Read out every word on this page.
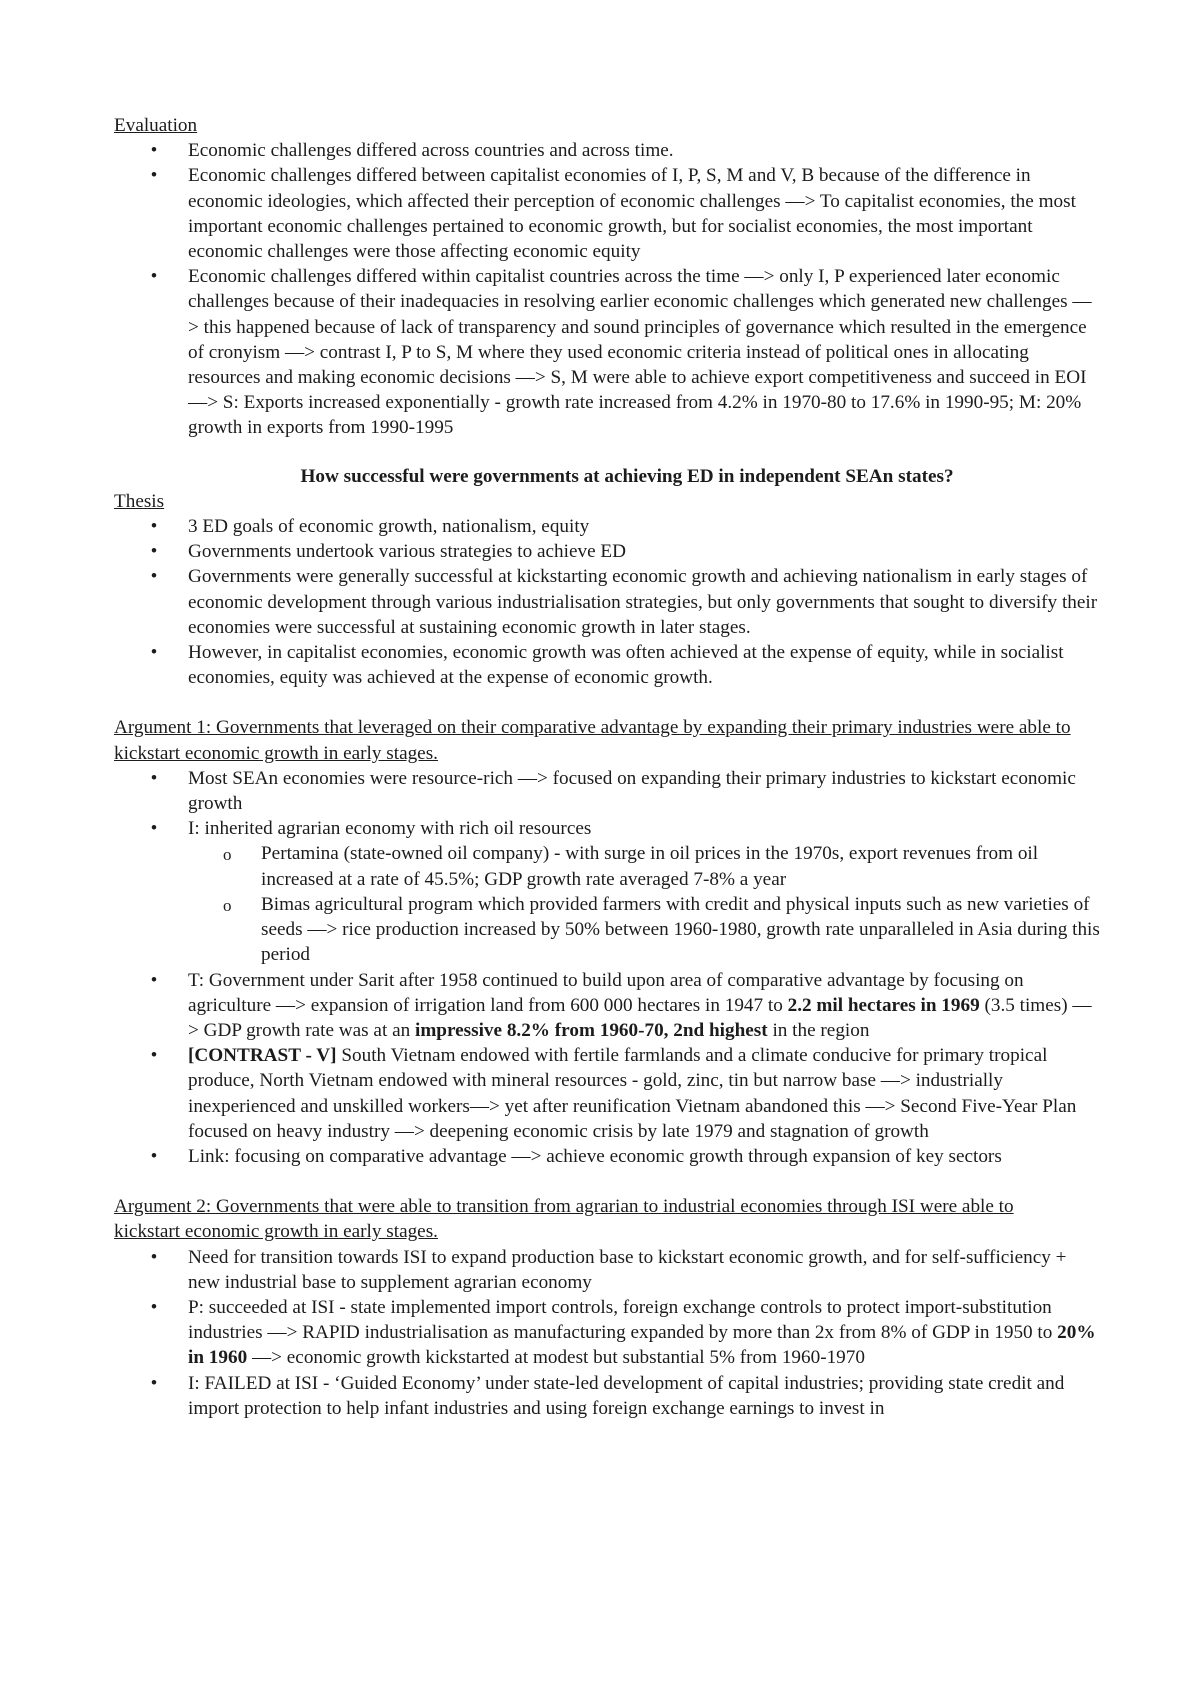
Evaluation

• Economic challenges differed across countries and across time.
• Economic challenges differed between capitalist economies of I, P, S, M and V, B because of the difference in economic ideologies, which affected their perception of economic challenges —> To capitalist economies, the most important economic challenges pertained to economic growth, but for socialist economies, the most important economic challenges were those affecting economic equity
• Economic challenges differed within capitalist countries across the time —> only I, P experienced later economic challenges because of their inadequacies in resolving earlier economic challenges which generated new challenges —> this happened because of lack of transparency and sound principles of governance which resulted in the emergence of cronyism —> contrast I, P to S, M where they used economic criteria instead of political ones in allocating resources and making economic decisions —> S, M were able to achieve export competitiveness and succeed in EOI —> S: Exports increased exponentially - growth rate increased from 4.2% in 1970-80 to 17.6% in 1990-95; M: 20% growth in exports from 1990-1995

How successful were governments at achieving ED in independent SEAn states?

Thesis

• 3 ED goals of economic growth, nationalism, equity
• Governments undertook various strategies to achieve ED
• Governments were generally successful at kickstarting economic growth and achieving nationalism in early stages of economic development through various industrialisation strategies, but only governments that sought to diversify their economies were successful at sustaining economic growth in later stages.
• However, in capitalist economies, economic growth was often achieved at the expense of equity, while in socialist economies, equity was achieved at the expense of economic growth.

Argument 1: Governments that leveraged on their comparative advantage by expanding their primary industries were able to kickstart economic growth in early stages.

• Most SEAn economies were resource-rich —> focused on expanding their primary industries to kickstart economic growth
• I: inherited agrarian economy with rich oil resources
o Pertamina (state-owned oil company) - with surge in oil prices in the 1970s, export revenues from oil increased at a rate of 45.5%; GDP growth rate averaged 7-8% a year
o Bimas agricultural program which provided farmers with credit and physical inputs such as new varieties of seeds —> rice production increased by 50% between 1960-1980, growth rate unparalleled in Asia during this period
• T: Government under Sarit after 1958 continued to build upon area of comparative advantage by focusing on agriculture —> expansion of irrigation land from 600 000 hectares in 1947 to 2.2 mil hectares in 1969 (3.5 times) —> GDP growth rate was at an impressive 8.2% from 1960-70, 2nd highest in the region
• [CONTRAST - V] South Vietnam endowed with fertile farmlands and a climate conducive for primary tropical produce, North Vietnam endowed with mineral resources - gold, zinc, tin but narrow base —> industrially inexperienced and unskilled workers—> yet after reunification Vietnam abandoned this —> Second Five-Year Plan focused on heavy industry —> deepening economic crisis by late 1979 and stagnation of growth
• Link: focusing on comparative advantage —> achieve economic growth through expansion of key sectors

Argument 2: Governments that were able to transition from agrarian to industrial economies through ISI were able to kickstart economic growth in early stages.

• Need for transition towards ISI to expand production base to kickstart economic growth, and for self-sufficiency + new industrial base to supplement agrarian economy
• P: succeeded at ISI - state implemented import controls, foreign exchange controls to protect import-substitution industries —> RAPID industrialisation as manufacturing expanded by more than 2x from 8% of GDP in 1950 to 20% in 1960 —> economic growth kickstarted at modest but substantial 5% from 1960-1970
• I: FAILED at ISI - ‘Guided Economy’ under state-led development of capital industries; providing state credit and import protection to help infant industries and using foreign exchange earnings to invest in
